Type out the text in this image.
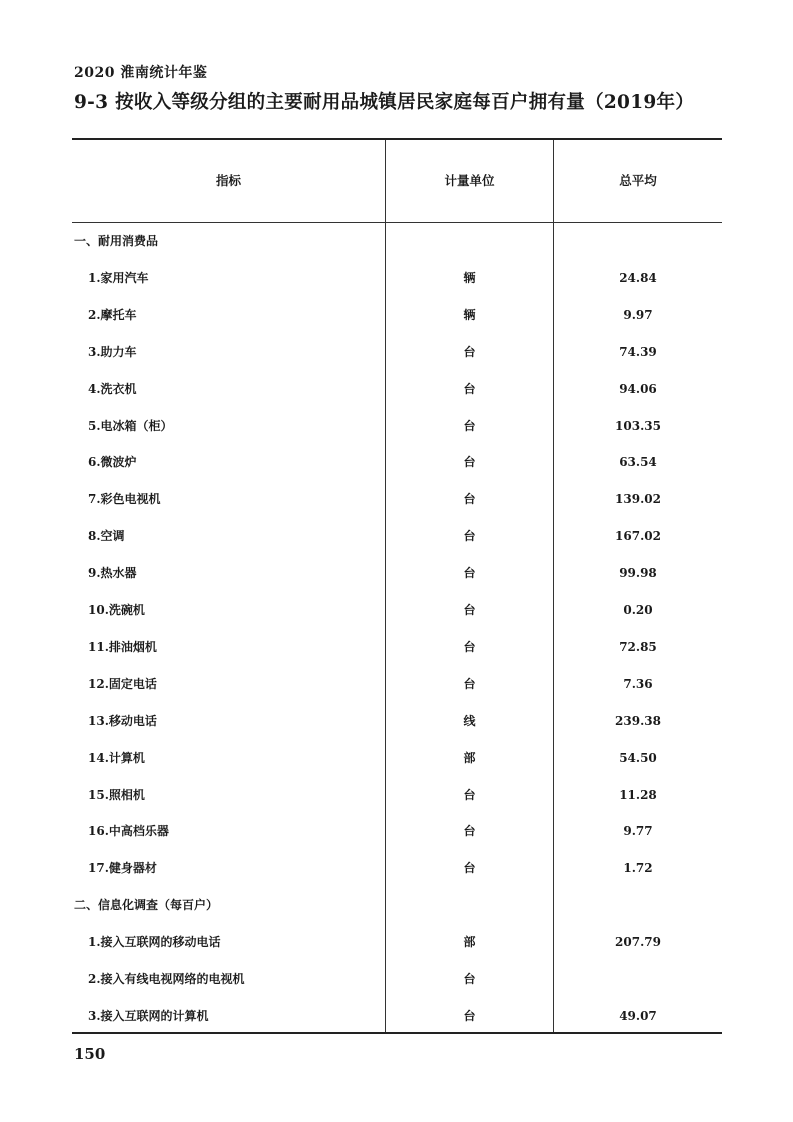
2020 淮南统计年鉴
9-3 按收入等级分组的主要耐用品城镇居民家庭每百户拥有量（2019年）
指标	计量单位	总平均
一、耐用消费品
1.家用汽车	辆	24.84
2.摩托车	辆	9.97
3.助力车	台	74.39
4.洗衣机	台	94.06
5.电冰箱（柜）	台	103.35
6.微波炉	台	63.54
7.彩色电视机	台	139.02
8.空调	台	167.02
9.热水器	台	99.98
10.洗碗机	台	0.20
11.排油烟机	台	72.85
12.固定电话	台	7.36
13.移动电话	线	239.38
14.计算机	部	54.50
15.照相机	台	11.28
16.中高档乐器	台	9.77
17.健身器材	台	1.72
二、信息化调查（每百户）
1.接入互联网的移动电话	部	207.79
2.接入有线电视网络的电视机	台
3.接入互联网的计算机	台	49.07
150
